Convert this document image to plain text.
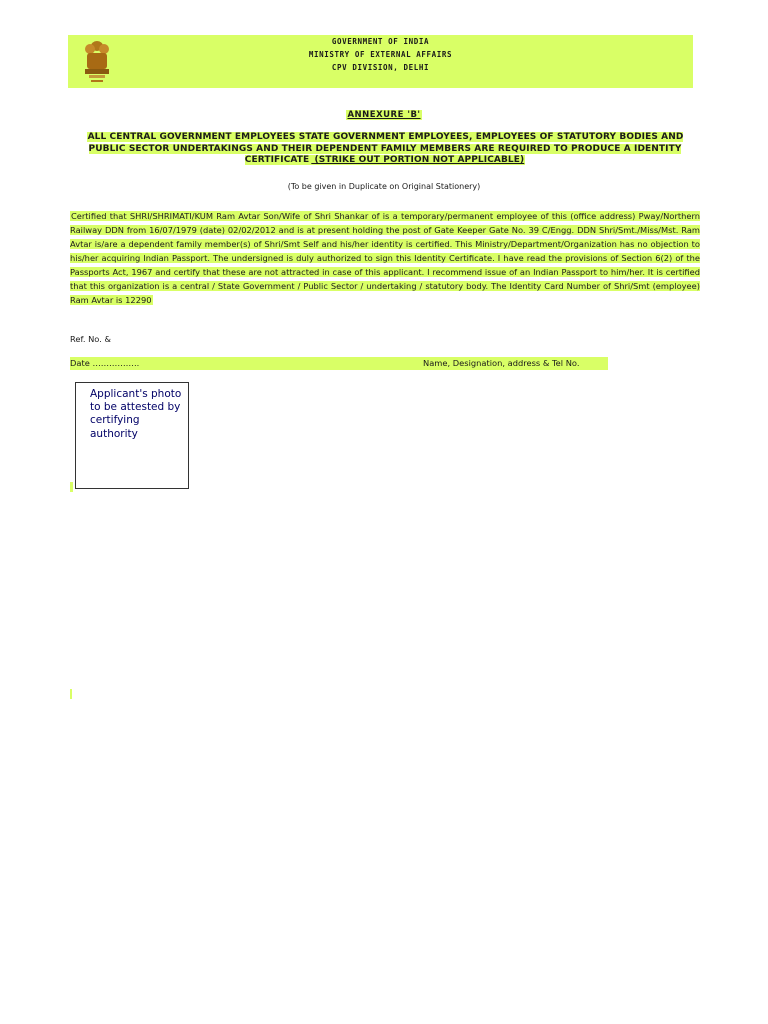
GOVERNMENT OF INDIA
MINISTRY OF EXTERNAL AFFAIRS
CPV DIVISION, DELHI
ANNEXURE 'B'
ALL CENTRAL GOVERNMENT EMPLOYEES STATE GOVERNMENT EMPLOYEES, EMPLOYEES OF STATUTORY BODIES AND PUBLIC SECTOR UNDERTAKINGS AND THEIR DEPENDENT FAMILY MEMBERS ARE REQUIRED TO PRODUCE A IDENTITY CERTIFICATE (STRIKE OUT PORTION NOT APPLICABLE)
(To be given in Duplicate on Original Stationery)
Certified that SHRI/SHRIMATI/KUM Ram Avtar Son/Wife of Shri Shankar of is a temporary/permanent employee of this (office address) Pway/Northern Railway DDN from 16/07/1979 (date) 02/02/2012 and is at present holding the post of Gate Keeper Gate No. 39 C/Engg. DDN Shri/Smt./Miss/Mst. Ram Avtar is/are a dependent family member(s) of Shri/Smt Self and his/her identity is certified. This Ministry/Department/Organization has no objection to his/her acquiring Indian Passport. The undersigned is duly authorized to sign this Identity Certificate. I have read the provisions of Section 6(2) of the Passports Act, 1967 and certify that these are not attracted in case of this applicant. I recommend issue of an Indian Passport to him/her. It is certified that this organization is a central / State Government / Public Sector / undertaking / statutory body. The Identity Card Number of Shri/Smt (employee) Ram Avtar is 12290
Ref. No. &
Date ……………..	Name, Designation, address & Tel No.
Applicant's photo to be attested by certifying authority
